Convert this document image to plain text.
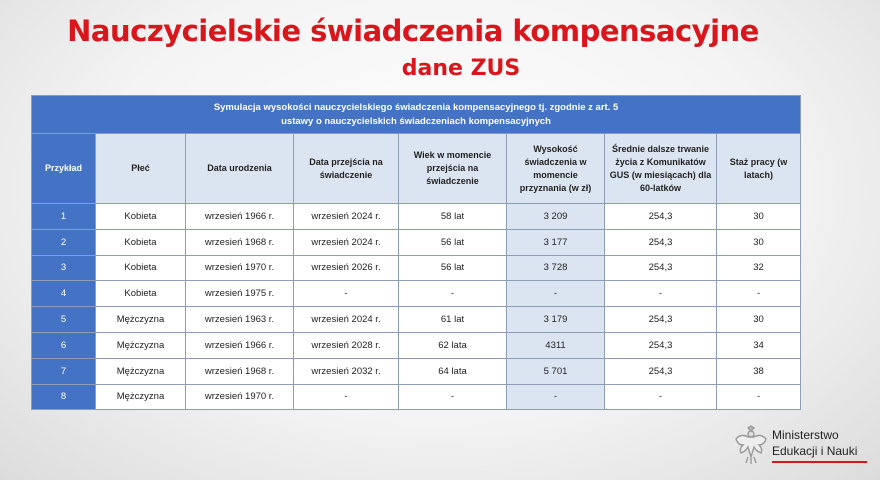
Nauczycielskie świadczenia kompensacyjne
dane ZUS
Symulacja wysokości nauczycielskiego świadczenia kompensacyjnego tj. zgodnie z art. 5
ustawy o nauczycielskich świadczeniach kompensacyjnych							
Przykład	Płeć	Data urodzenia	Data przejścia na świadczenie	Wiek w momencie przejścia na świadczenie	Wysokość świadczenia w momencie przyznania (w zł)	Średnie dalsze trwanie życia z Komunikatów GUS (w miesiącach) dla 60-latków	Staż pracy (w latach)
1	Kobieta	wrzesień 1966 r.	wrzesień 2024 r.	58 lat	3 209	254,3	30
2	Kobieta	wrzesień 1968 r.	wrzesień 2024 r.	56 lat	3 177	254,3	30
3	Kobieta	wrzesień 1970 r.	wrzesień 2026 r.	56 lat	3 728	254,3	32
4	Kobieta	wrzesień 1975 r.	-	-	-	-	-
5	Mężczyzna	wrzesień 1963 r.	wrzesień 2024 r.	61 lat	3 179	254,3	30
6	Mężczyzna	wrzesień 1966 r.	wrzesień 2028 r.	62 lata	4311	254,3	34
7	Mężczyzna	wrzesień 1968 r.	wrzesień 2032 r.	64 lata	5 701	254,3	38
8	Mężczyzna	wrzesień 1970 r.	-	-	-	-	-
Ministerstwo
Edukacji i Nauki
